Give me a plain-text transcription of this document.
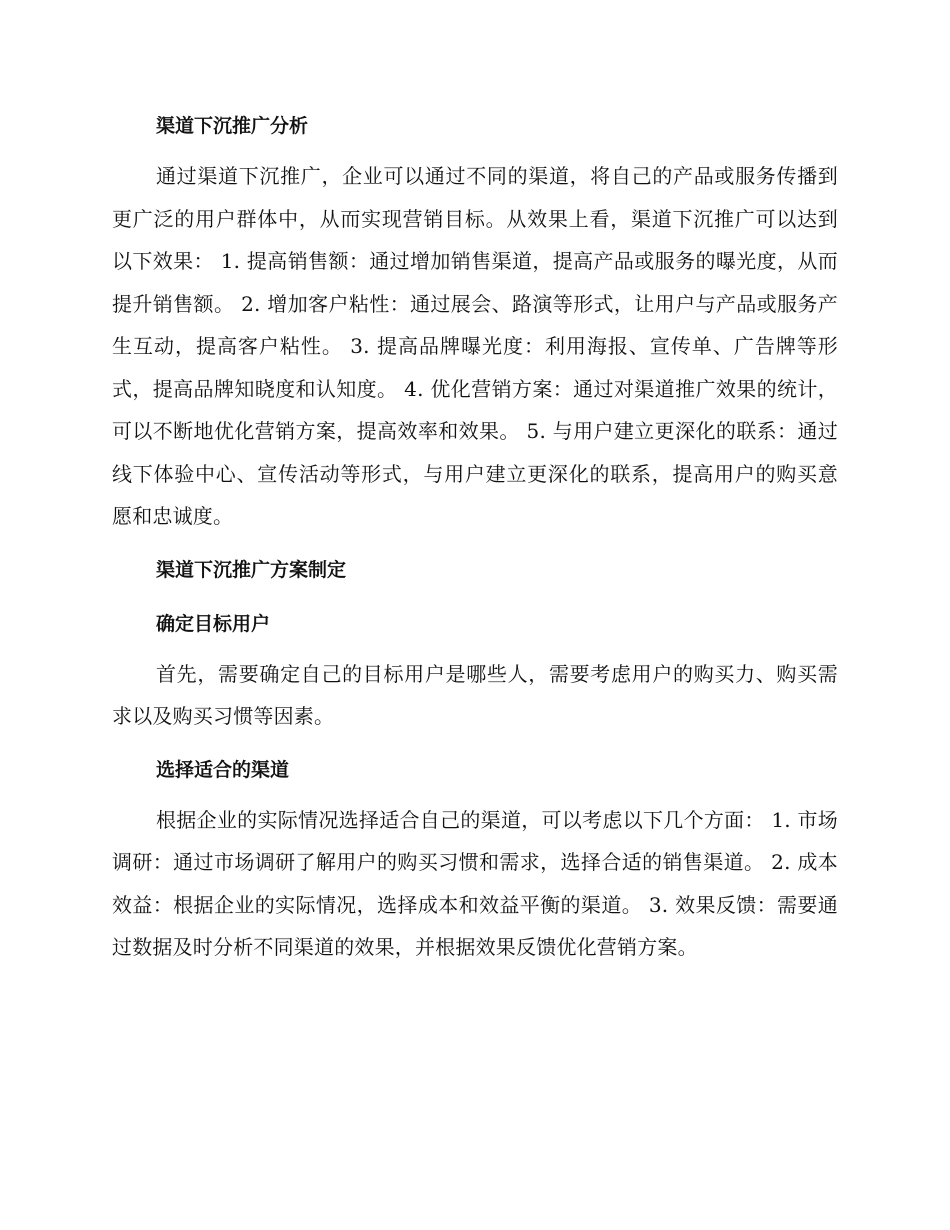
渠道下沉推广分析

通过渠道下沉推广，企业可以通过不同的渠道，将自己的产品或服务传播到更广泛的用户群体中，从而实现营销目标。从效果上看，渠道下沉推广可以达到以下效果： 1. 提高销售额：通过增加销售渠道，提高产品或服务的曝光度，从而提升销售额。 2. 增加客户粘性：通过展会、路演等形式，让用户与产品或服务产生互动，提高客户粘性。 3. 提高品牌曝光度：利用海报、宣传单、广告牌等形式，提高品牌知晓度和认知度。 4. 优化营销方案：通过对渠道推广效果的统计，可以不断地优化营销方案，提高效率和效果。 5. 与用户建立更深化的联系：通过线下体验中心、宣传活动等形式，与用户建立更深化的联系，提高用户的购买意愿和忠诚度。

渠道下沉推广方案制定
确定目标用户

首先，需要确定自己的目标用户是哪些人，需要考虑用户的购买力、购买需求以及购买习惯等因素。

选择适合的渠道

根据企业的实际情况选择适合自己的渠道，可以考虑以下几个方面： 1. 市场调研：通过市场调研了解用户的购买习惯和需求，选择合适的销售渠道。 2. 成本效益：根据企业的实际情况，选择成本和效益平衡的渠道。 3. 效果反馈：需要通过数据及时分析不同渠道的效果，并根据效果反馈优化营销方案。
